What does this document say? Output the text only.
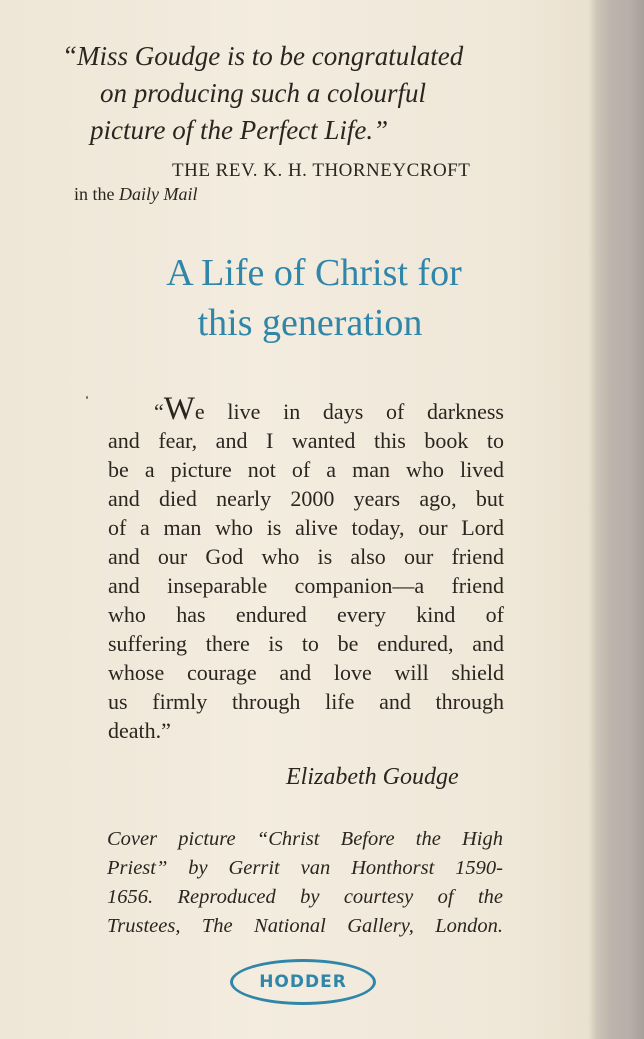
“Miss Goudge is to be congratulated
on producing such a colourful
picture of the Perfect Life.”
THE REV. K. H. THORNEYCROFT
in the Daily Mail
A Life of Christ for
this generation
“We live in days of darkness
and fear, and I wanted this book to
be a picture not of a man who lived
and died nearly 2000 years ago, but
of a man who is alive today, our Lord
and our God who is also our friend
and inseparable companion—a friend
who has endured every kind of
suffering there is to be endured, and
whose courage and love will shield
us firmly through life and through
death.”
Elizabeth Goudge
Cover picture “Christ Before the High
Priest” by Gerrit van Honthorst 1590-
1656. Reproduced by courtesy of the
Trustees, The National Gallery, London.
HODDER
